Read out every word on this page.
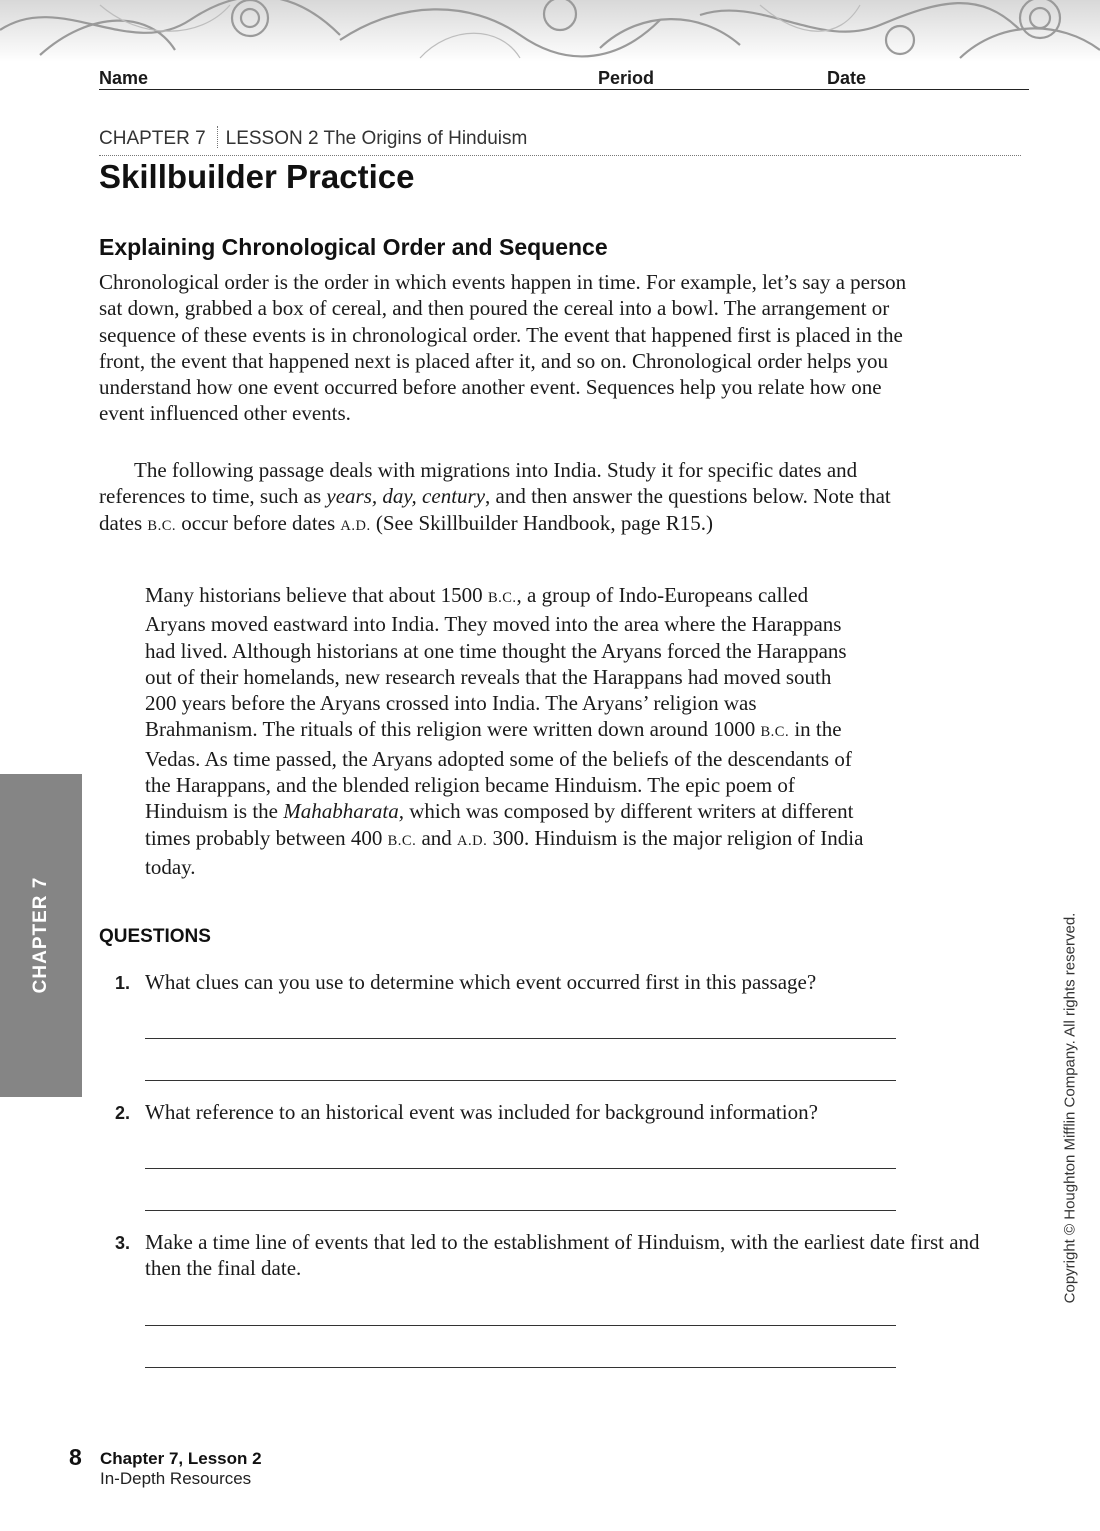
Name	Period	Date
CHAPTER 7 LESSON 2 The Origins of Hinduism
Skillbuilder Practice
Explaining Chronological Order and Sequence

Chronological order is the order in which events happen in time. For example, let’s say a person sat down, grabbed a box of cereal, and then poured the cereal into a bowl. The arrangement or sequence of these events is in chronological order. The event that happened first is placed in the front, the event that happened next is placed after it, and so on. Chronological order helps you understand how one event occurred before another event. Sequences help you relate how one event influenced other events.

The following passage deals with migrations into India. Study it for specific dates and references to time, such as years, day, century, and then answer the questions below. Note that dates B.C. occur before dates A.D. (See Skillbuilder Handbook, page R15.)

Many historians believe that about 1500 B.C., a group of Indo-Europeans called Aryans moved eastward into India. They moved into the area where the Harappans had lived. Although historians at one time thought the Aryans forced the Harappans out of their homelands, new research reveals that the Harappans had moved south 200 years before the Aryans crossed into India. The Aryans’ religion was Brahmanism. The rituals of this religion were written down around 1000 B.C. in the Vedas. As time passed, the Aryans adopted some of the beliefs of the descendants of the Harappans, and the blended religion became Hinduism. The epic poem of Hinduism is the Mahabharata, which was composed by different writers at different times probably between 400 B.C. and A.D. 300. Hinduism is the major religion of India today.

CHAPTER 7	QUESTIONS
1. What clues can you use to determine which event occurred first in this passage?
2. What reference to an historical event was included for background information?
3. Make a time line of events that led to the establishment of Hinduism, with the earliest date first and then the final date.	Copyright © Houghton Mifflin Company. All rights reserved.
8 Chapter 7, Lesson 2
In-Depth Resources
